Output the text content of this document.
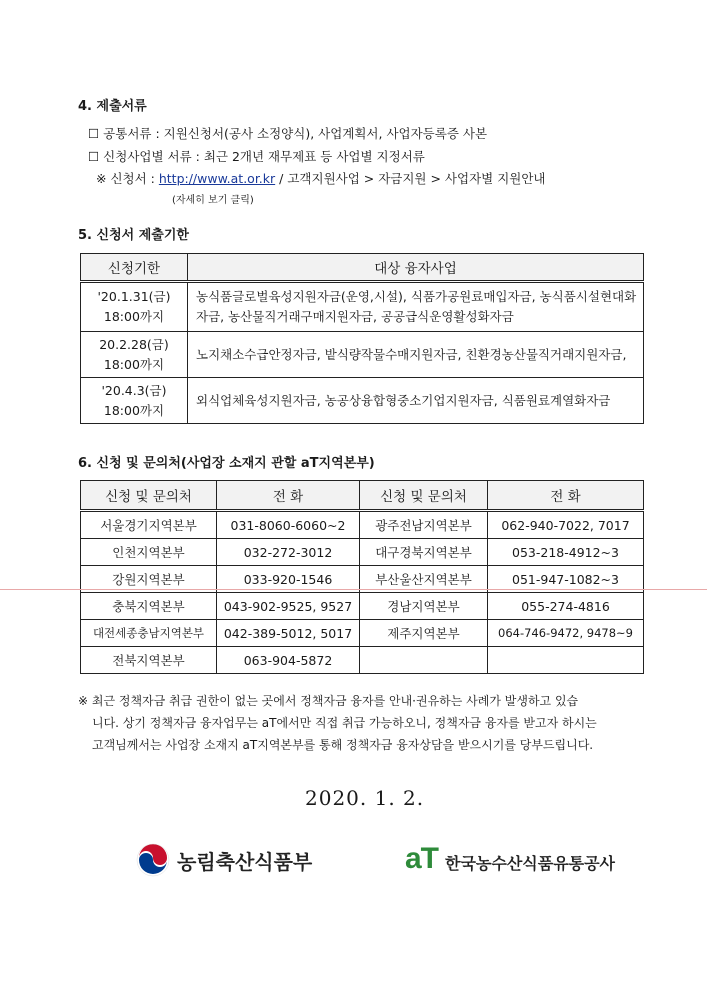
4. 제출서류
☐ 공통서류 : 지원신청서(공사 소정양식), 사업계획서, 사업자등록증 사본
☐ 신청사업별 서류 : 최근 2개년 재무제표 등 사업별 지정서류
※ 신청서 : http://www.at.or.kr / 고객지원사업 > 자금지원 > 사업자별 지원안내
(자세히 보기 클릭)
5. 신청서 제출기한
신청기한	대상 융자사업

'20.1.31(금)
18:00까지	농식품글로벌육성지원자금(운영,시설), 식품가공원료매입자금, 농식품시설현대화자금, 농산물직거래구매지원자금, 공공급식운영활성화자금

20.2.28(금)
18:00까지	노지채소수급안정자금, 밭식량작물수매지원자금, 친환경농산물직거래지원자금,

'20.4.3(금)
18:00까지	외식업체육성지원자금, 농공상융합형중소기업지원자금, 식품원료계열화자금
6. 신청 및 문의처(사업장 소재지 관할 aT지역본부)
신청 및 문의처	전 화	신청 및 문의처	전 화
서울경기지역본부	031-8060-6060~2	광주전남지역본부	062-940-7022, 7017
인천지역본부	032-272-3012	대구경북지역본부	053-218-4912~3
강원지역본부	033-920-1546	부산울산지역본부	051-947-1082~3
충북지역본부	043-902-9525, 9527	경남지역본부	055-274-4816
대전세종충남지역본부	042-389-5012, 5017	제주지역본부	064-746-9472, 9478~9
전북지역본부	063-904-5872		
※ 최근 정책자금 취급 권한이 없는 곳에서 정책자금 융자를 안내·권유하는 사례가 발생하고 있습
니다. 상기 정책자금 융자업무는 aT에서만 직접 취급 가능하오니, 정책자금 융자를 받고자 하시는
고객님께서는 사업장 소재지 aT지역본부를 통해 정책자금 융자상담을 받으시기를 당부드립니다.
2020. 1. 2.
농림축산식품부	aT 한국농수산식품유통공사
